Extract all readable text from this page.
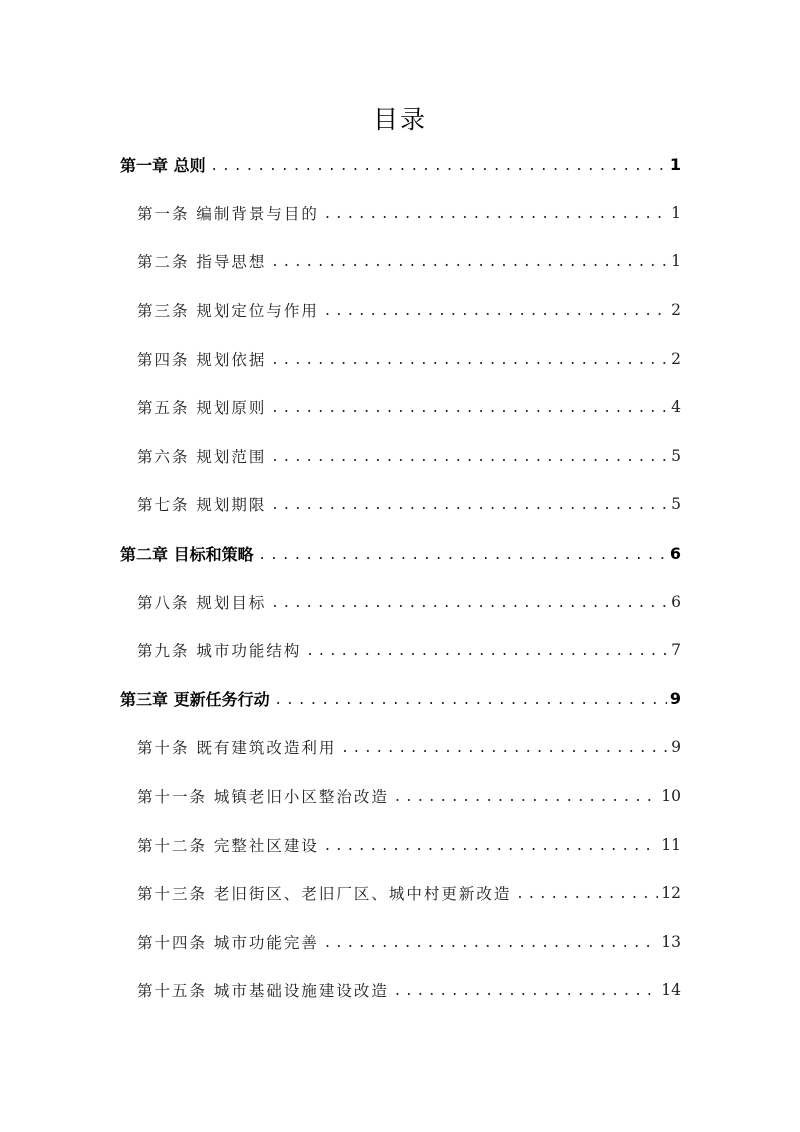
目录
第一章 总则 . . .	1
第一条 编制背景与目的 . . .	1
第二条 指导思想 . . .	1
第三条 规划定位与作用 . . .	2
第四条 规划依据 . . .	2
第五条 规划原则 . . .	4
第六条 规划范围 . . .	5
第七条 规划期限 . . .	5
第二章 目标和策略 . . .	6
第八条 规划目标 . . .	6
第九条 城市功能结构 . . .	7
第三章 更新任务行动 . . .	9
第十条 既有建筑改造利用 . . .	9
第十一条 城镇老旧小区整治改造 . . .	10
第十二条 完整社区建设 . . .	11
第十三条 老旧街区、老旧厂区、城中村更新改造 . . .	12
第十四条 城市功能完善 . . .	13
第十五条 城市基础设施建设改造 . . .	14
